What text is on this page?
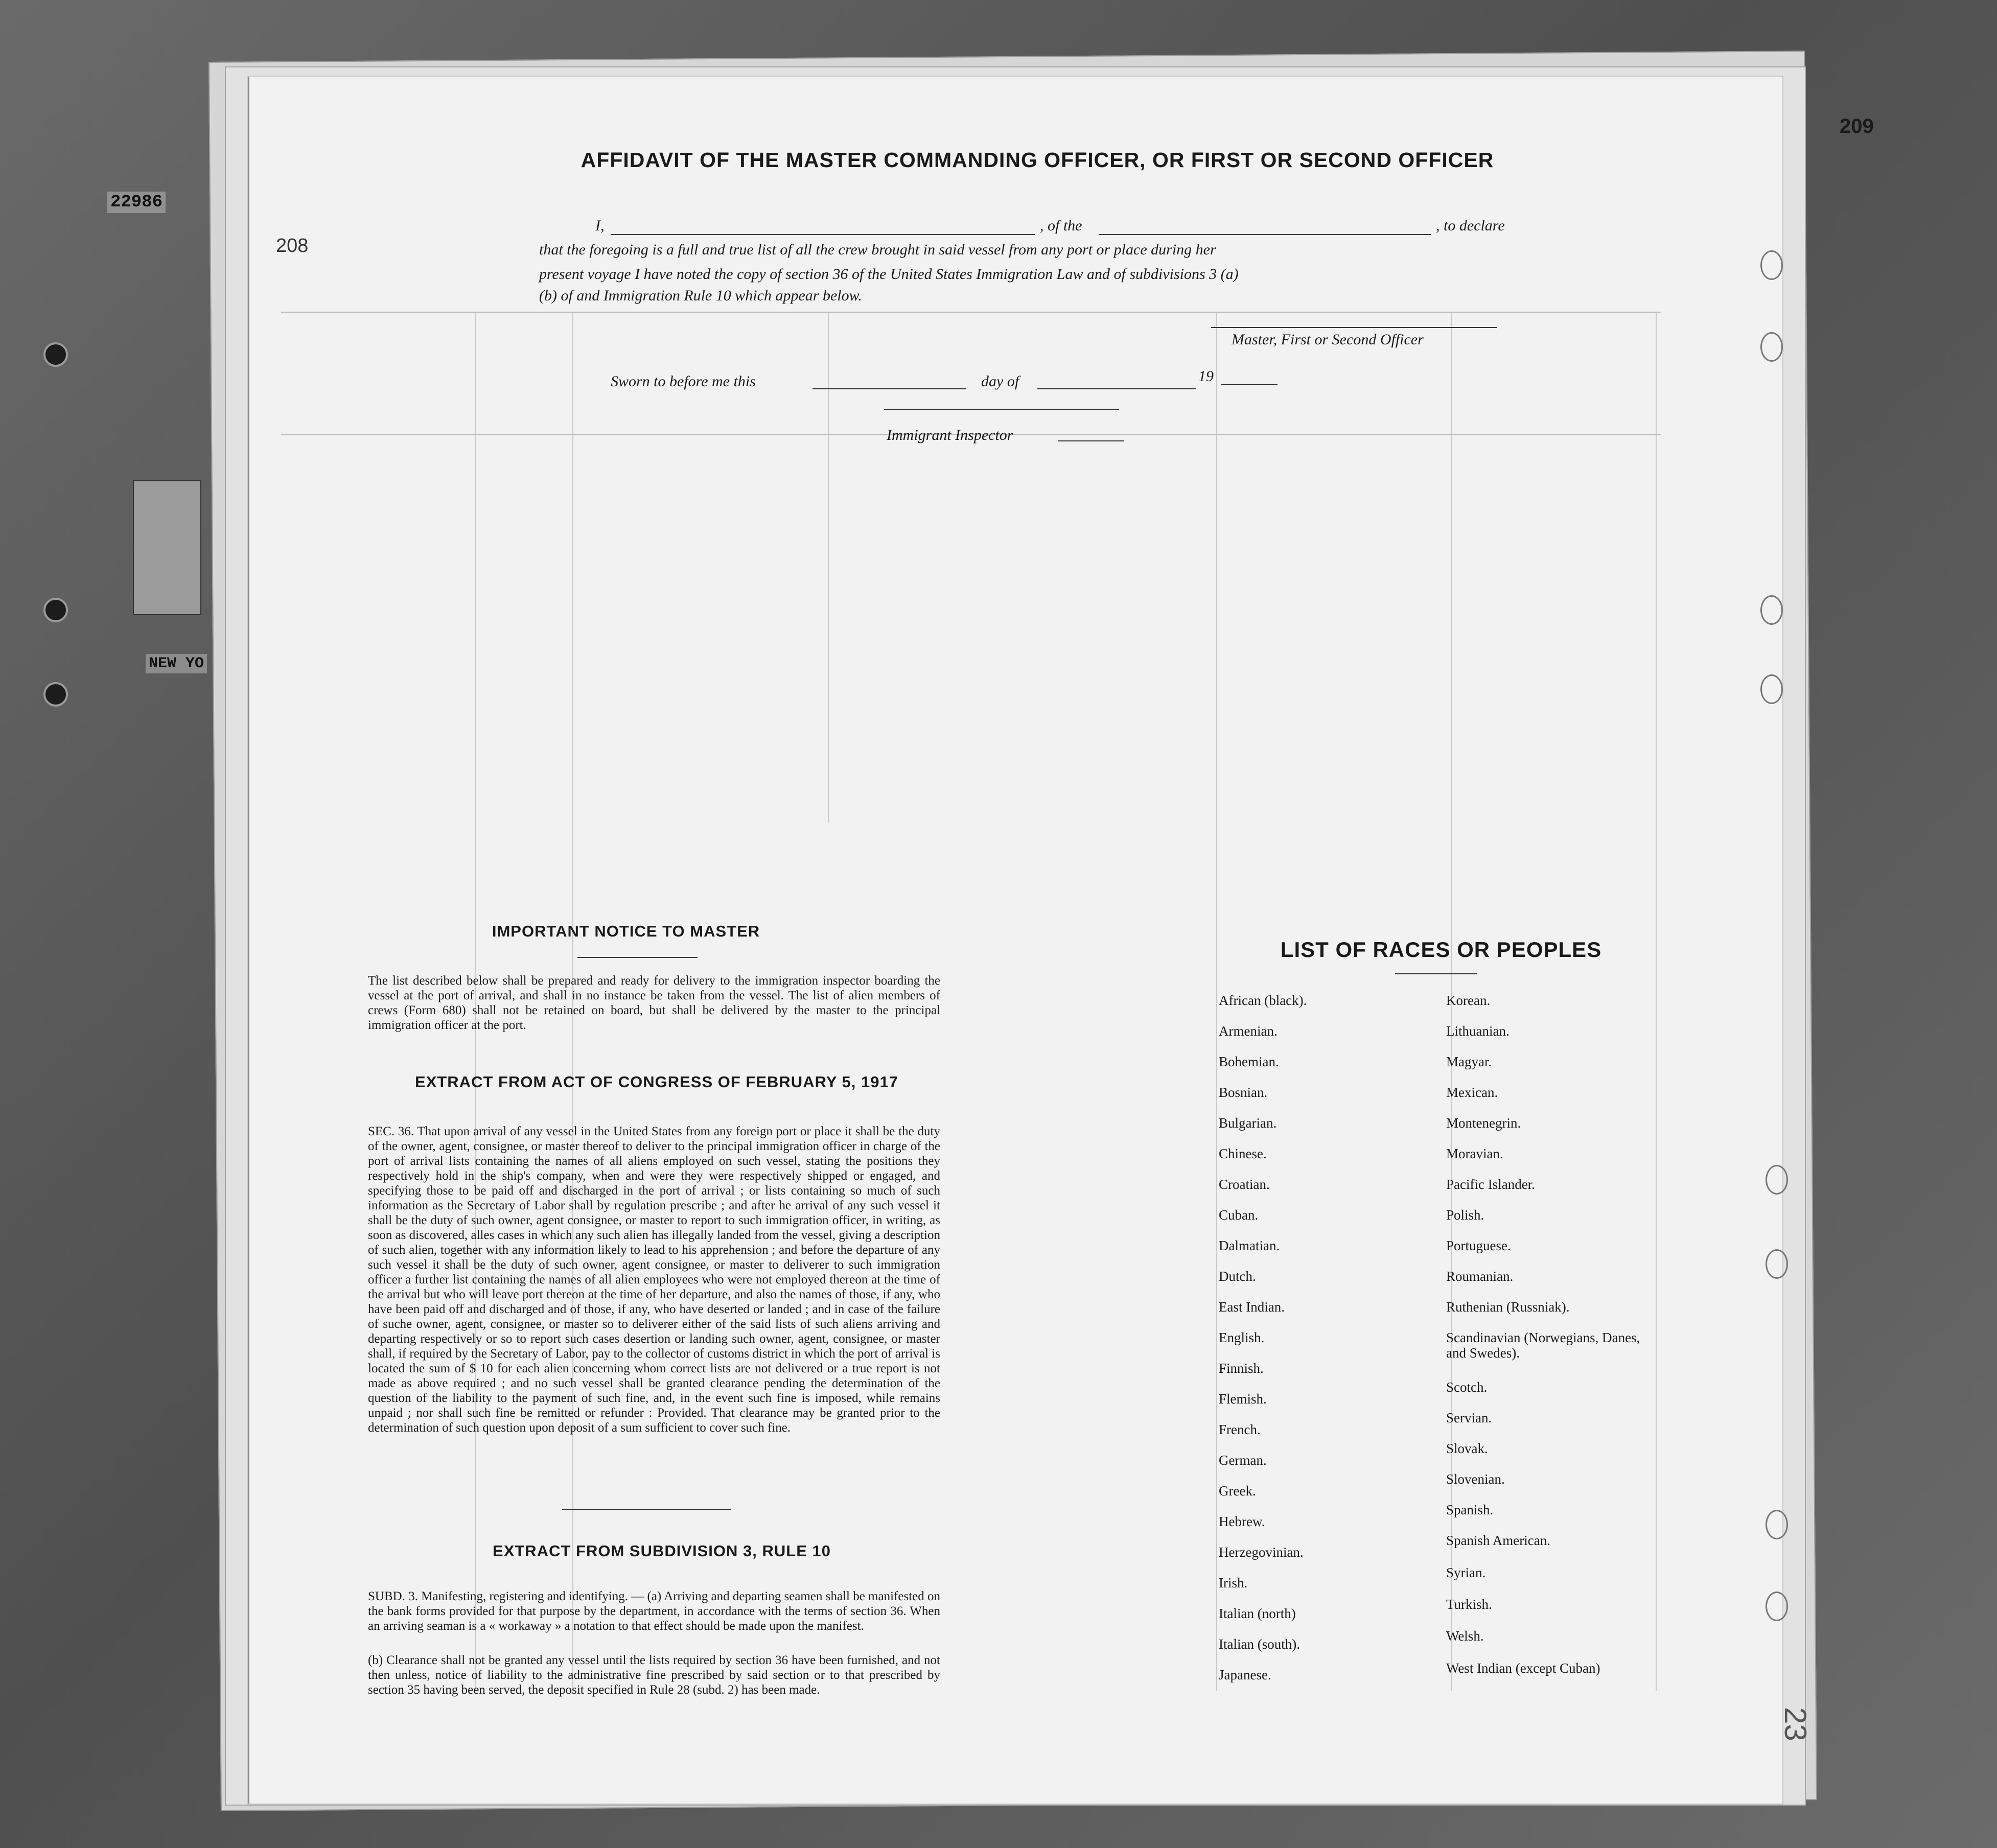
22986
NEW YO
209
208
AFFIDAVIT OF THE MASTER COMMANDING OFFICER, OR FIRST OR SECOND OFFICER
I,	, of the	, to declare
that the foregoing is a full and true list of all the crew brought in said vessel from any port or place during her
present voyage I have noted the copy of section 36 of the United States Immigration Law and of subdivisions 3 (a)
(b) of and Immigration Rule 10 which appear below.
Master, First or Second Officer
Sworn to before me this	day of	19
Immigrant Inspector
IMPORTANT NOTICE TO MASTER
The list described below shall be prepared and ready for delivery to the immigration inspector boarding the vessel at the port of arrival, and shall in no instance be taken from the vessel. The list of alien members of crews (Form 680) shall not be retained on board, but shall be delivered by the master to the principal immigration officer at the port.
EXTRACT FROM ACT OF CONGRESS OF FEBRUARY 5, 1917
SEC. 36. That upon arrival of any vessel in the United States from any foreign port or place it shall be the duty of the owner, agent, consignee, or master thereof to deliver to the principal immigration officer in charge of the port of arrival lists containing the names of all aliens employed on such vessel, stating the positions they respectively hold in the ship's company, when and were they were respectively shipped or engaged, and specifying those to be paid off and discharged in the port of arrival ; or lists containing so much of such information as the Secretary of Labor shall by regulation prescribe ; and after he arrival of any such vessel it shall be the duty of such owner, agent consignee, or master to report to such immigration officer, in writing, as soon as discovered, alles cases in which any such alien has illegally landed from the vessel, giving a description of such alien, together with any information likely to lead to his apprehension ; and before the departure of any such vessel it shall be the duty of such owner, agent consignee, or master to deliverer to such immigration officer a further list containing the names of all alien employees who were not employed thereon at the time of the arrival but who will leave port thereon at the time of her departure, and also the names of those, if any, who have been paid off and discharged and of those, if any, who have deserted or landed ; and in case of the failure of suche owner, agent, consignee, or master so to deliverer either of the said lists of such aliens arriving and departing respectively or so to report such cases desertion or landing such owner, agent, consignee, or master shall, if required by the Secretary of Labor, pay to the collector of customs district in which the port of arrival is located the sum of $ 10 for each alien concerning whom correct lists are not delivered or a true report is not made as above required ; and no such vessel shall be granted clearance pending the determination of the question of the liability to the payment of such fine, and, in the event such fine is imposed, while remains unpaid ; nor shall such fine be remitted or refunder : Provided. That clearance may be granted prior to the determination of such question upon deposit of a sum sufficient to cover such fine.
EXTRACT FROM SUBDIVISION 3, RULE 10
SUBD. 3. Manifesting, registering and identifying. — (a) Arriving and departing seamen shall be manifested on the bank forms provided for that purpose by the department, in accordance with the terms of section 36. When an arriving seaman is a « workaway » a notation to that effect should be made upon the manifest.
(b) Clearance shall not be granted any vessel until the lists required by section 36 have been furnished, and not then unless, notice of liability to the administrative fine prescribed by said section or to that prescribed by section 35 having been served, the deposit specified in Rule 28 (subd. 2) has been made.
LIST OF RACES OR PEOPLES
African (black).
Armenian.
Bohemian.
Bosnian.
Bulgarian.
Chinese.
Croatian.
Cuban.
Dalmatian.
Dutch.
East Indian.
English.
Finnish.
Flemish.
French.
German.
Greek.
Hebrew.
Herzegovinian.
Irish.
Italian (north)
Italian (south).
Japanese.
Korean.
Lithuanian.
Magyar.
Mexican.
Montenegrin.
Moravian.
Pacific Islander.
Polish.
Portuguese.
Roumanian.
Ruthenian (Russniak).
Scandinavian (Norwegians, Danes, and Swedes).
Scotch.
Servian.
Slovak.
Slovenian.
Spanish.
Spanish American.
Syrian.
Turkish.
Welsh.
West Indian (except Cuban)
23
